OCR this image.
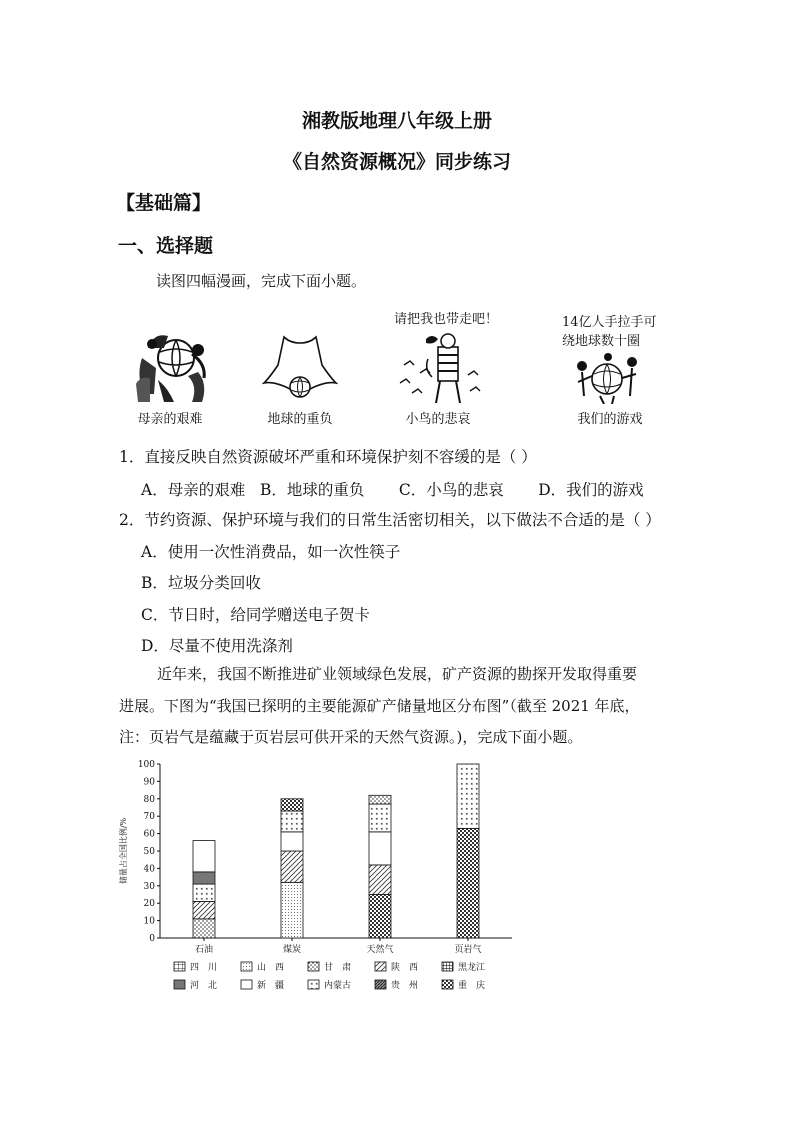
湘教版地理八年级上册
《自然资源概况》同步练习
【基础篇】
一、选择题
读图四幅漫画，完成下面小题。
请把我也带走吧！	14亿人手拉手可
绕地球数十圈
母亲的艰难	地球的重负	小鸟的悲哀	我们的游戏
1．直接反映自然资源破坏严重和环境保护刻不容缓的是（ ）
A．母亲的艰难   B．地球的重负       C．小鸟的悲哀       D．我们的游戏
2．节约资源、保护环境与我们的日常生活密切相关，以下做法不合适的是（ ）
A．使用一次性消费品，如一次性筷子
B．垃圾分类回收
C．节日时，给同学赠送电子贺卡
D．尽量不使用洗涤剂
近年来，我国不断推进矿业领域绿色发展，矿产资源的勘探开发取得重要
进展。下图为“我国已探明的主要能源矿产储量地区分布图”（截至 2021 年底，
注：页岩气是蕴藏于页岩层可供开采的天然气资源。)，完成下面小题。
0
10
20
30
40
50
60
70
80
90
100
储量占全国比例/%
石油	煤炭	天然气	页岩气
四　川	山　西	甘　肃	陕　西	黑龙江
河　北	新　疆	内蒙古	贵　州	重　庆
